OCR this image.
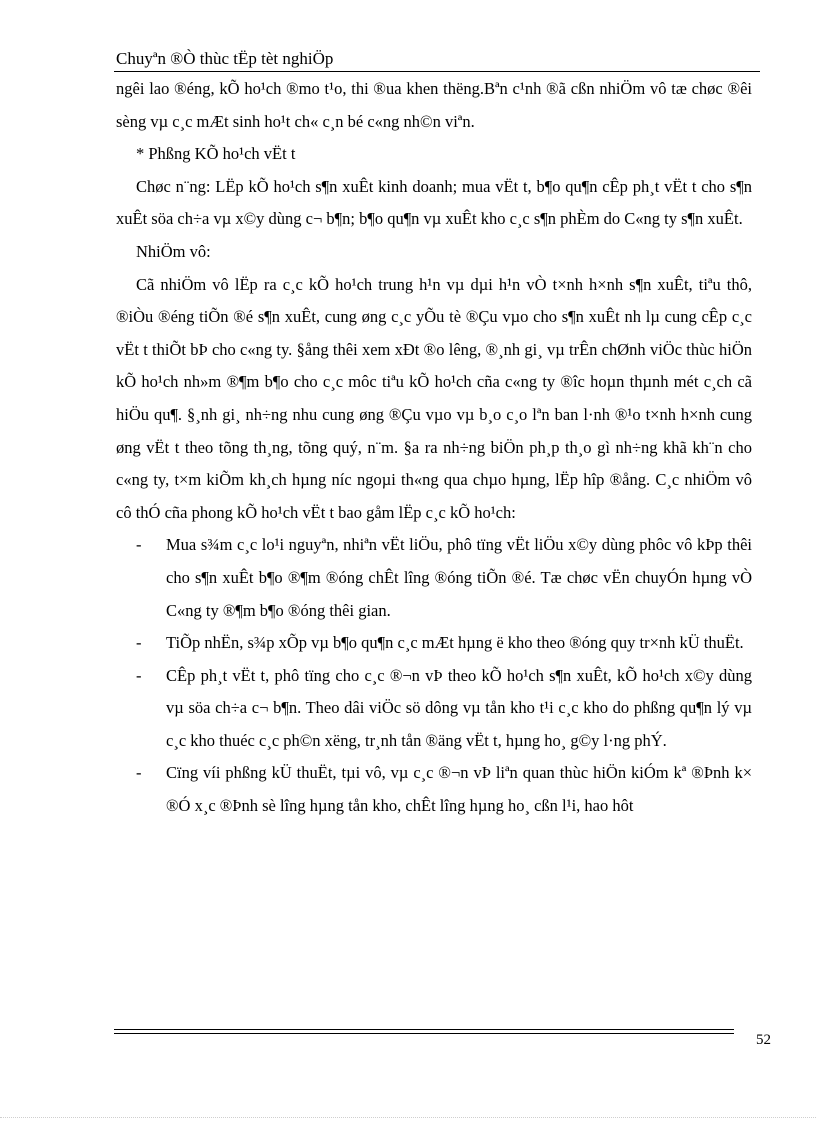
Chuyªn ®Ò thùc tËp tèt nghiÖp

ngêi lao ®éng, kÕ ho¹ch ®mo t¹o, thi ®ua khen thëng.Bªn c¹nh ®ã cßn nhiÖm vô tæ chøc ®êi sèng vµ c¸c mÆt sinh ho¹t ch« c¸n bé c«ng nh©n viªn.

* Phßng KÕ ho¹ch vËt t

Chøc n¨ng: LËp kÕ ho¹ch s¶n xuÊt kinh doanh; mua vËt t, b¶o qu¶n cÊp ph¸t vËt t cho s¶n xuÊt söa ch÷a vµ x©y dùng c¬ b¶n; b¶o qu¶n vµ xuÊt kho c¸c s¶n phÈm do C«ng ty s¶n xuÊt.

NhiÖm vô:

Cã nhiÖm vô lËp ra c¸c kÕ ho¹ch trung h¹n vµ dµi h¹n vÒ t×nh h×nh s¶n xuÊt, tiªu thô, ®iÒu ®éng tiÕn ®é s¶n xuÊt, cung øng c¸c yÕu tè ®Çu vµo cho s¶n xuÊt nh lµ cung cÊp c¸c vËt t thiÕt bÞ cho c«ng ty. §ång thêi xem xÐt ®o lêng, ®¸nh gi¸ vµ trÊn chØnh viÖc thùc hiÖn kÕ ho¹ch nh»m ®¶m b¶o cho c¸c môc tiªu kÕ ho¹ch cña c«ng ty ®îc hoµn thµnh mét c¸ch cã hiÖu qu¶. §¸nh gi¸ nh÷ng nhu cung øng ®Çu vµo vµ b¸o c¸o lªn ban l·nh ®¹o t×nh h×nh cung øng vËt t theo tõng th¸ng, tõng quý, n¨m. §a ra nh÷ng biÖn ph¸p th¸o gì nh÷ng khã kh¨n cho c«ng ty, t×m kiÕm kh¸ch hµng níc ngoµi th«ng qua chµo hµng, lËp hîp ®ång. C¸c nhiÖm vô cô thÓ cña phong kÕ ho¹ch vËt t bao gåm lËp c¸c kÕ ho¹ch:

- Mua s¾m c¸c lo¹i nguyªn, nhiªn vËt liÖu, phô tïng vËt liÖu x©y dùng phôc vô kÞp thêi cho s¶n xuÊt b¶o ®¶m ®óng chÊt lîng ®óng tiÕn ®é. Tæ chøc vËn chuyÓn hµng vÒ C«ng ty ®¶m b¶o ®óng thêi gian.

- TiÕp nhËn, s¾p xÕp vµ b¶o qu¶n c¸c mÆt hµng ë kho theo ®óng quy tr×nh kÜ thuËt.

- CÊp ph¸t vËt t, phô tïng cho c¸c ®¬n vÞ theo kÕ ho¹ch s¶n xuÊt, kÕ ho¹ch x©y dùng vµ söa ch÷a c¬ b¶n. Theo dâi viÖc sö dông vµ tån kho t¹i c¸c kho do phßng qu¶n lý vµ c¸c kho thuéc c¸c ph©n xëng, tr¸nh tån ®äng vËt t, hµng ho¸ g©y l·ng phÝ.

- Cïng víi phßng kÜ thuËt, tµi vô, vµ c¸c ®¬n vÞ liªn quan thùc hiÖn kiÓm kª ®Þnh k× ®Ó x¸c ®Þnh sè lîng hµng tån kho, chÊt lîng hµng ho¸ cßn l¹i, hao hôt

52
